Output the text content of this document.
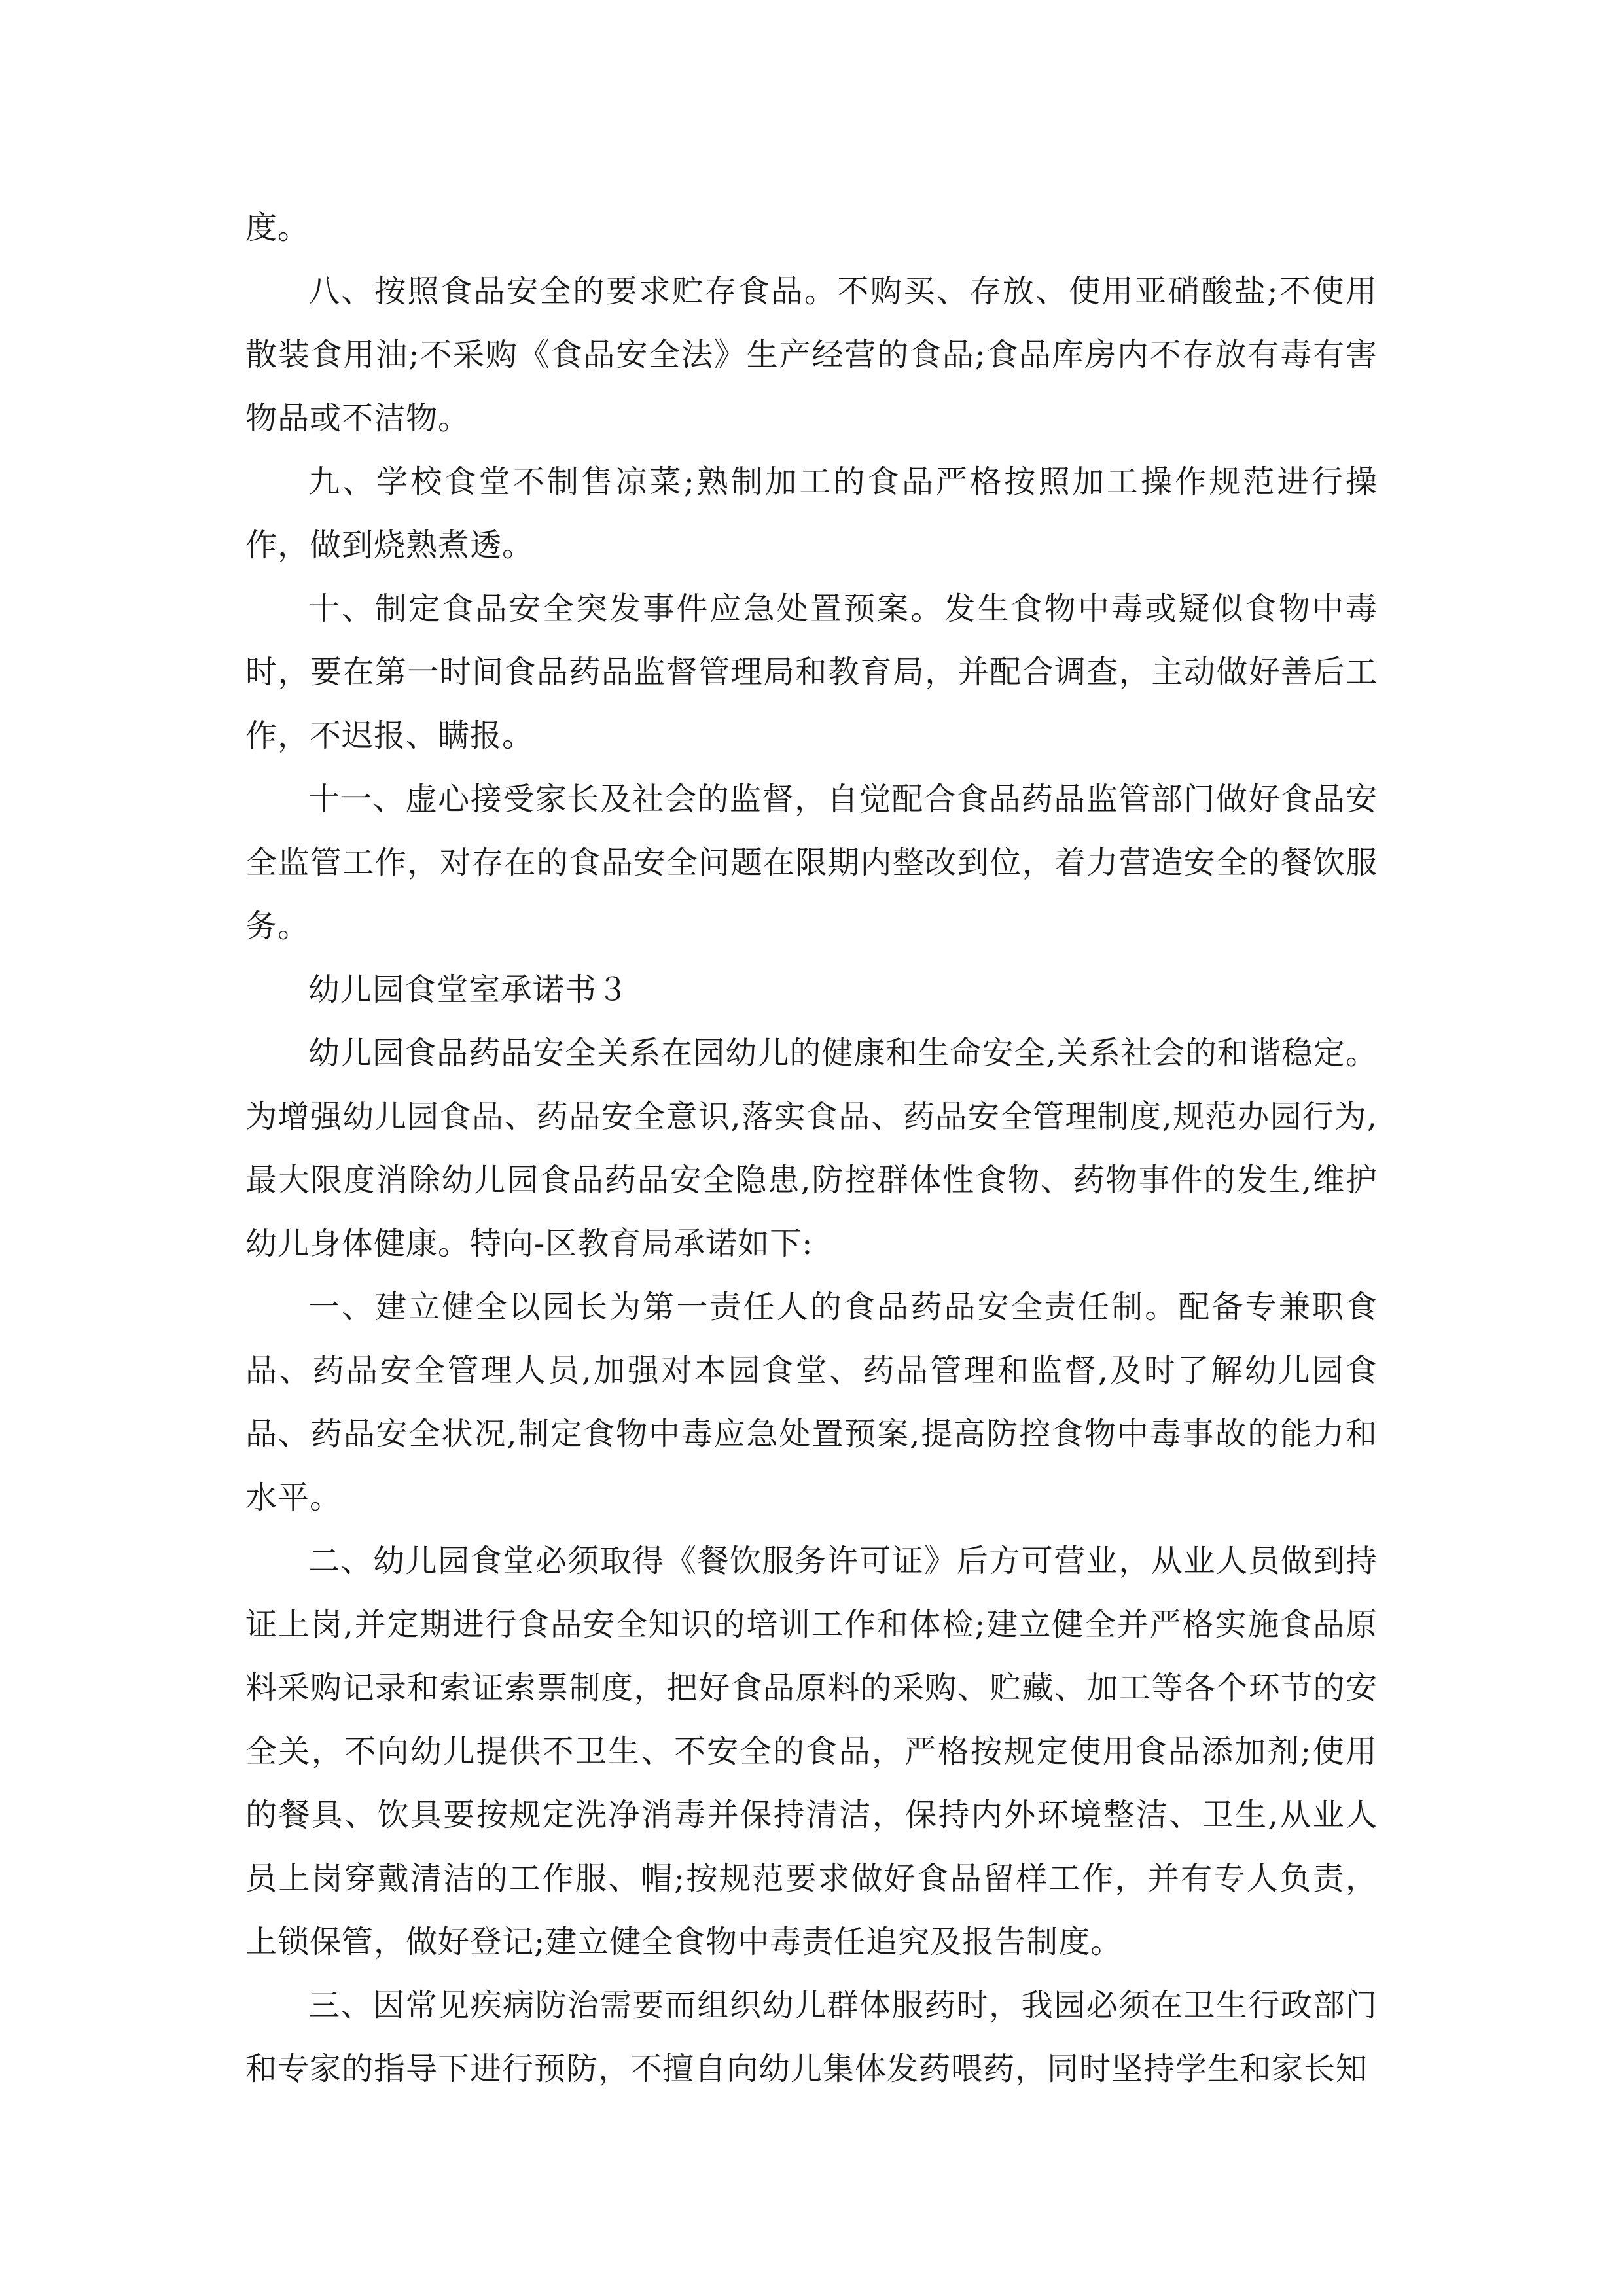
度。

八、按照食品安全的要求贮存食品。不购买、存放、使用亚硝酸盐;不使用散装食用油;不采购《食品安全法》生产经营的食品;食品库房内不存放有毒有害物品或不洁物。

九、学校食堂不制售凉菜;熟制加工的食品严格按照加工操作规范进行操作，做到烧熟煮透。

十、制定食品安全突发事件应急处置预案。发生食物中毒或疑似食物中毒时，要在第一时间食品药品监督管理局和教育局，并配合调查，主动做好善后工作，不迟报、瞒报。

十一、虚心接受家长及社会的监督，自觉配合食品药品监管部门做好食品安全监管工作，对存在的食品安全问题在限期内整改到位，着力营造安全的餐饮服务。

幼儿园食堂室承诺书３

幼儿园食品药品安全关系在园幼儿的健康和生命安全,关系社会的和谐稳定。为增强幼儿园食品、药品安全意识,落实食品、药品安全管理制度,规范办园行为,最大限度消除幼儿园食品药品安全隐患,防控群体性食物、药物事件的发生,维护幼儿身体健康。特向-区教育局承诺如下:

一、建立健全以园长为第一责任人的食品药品安全责任制。配备专兼职食品、药品安全管理人员,加强对本园食堂、药品管理和监督,及时了解幼儿园食品、药品安全状况,制定食物中毒应急处置预案,提高防控食物中毒事故的能力和水平。

二、幼儿园食堂必须取得《餐饮服务许可证》后方可营业，从业人员做到持证上岗,并定期进行食品安全知识的培训工作和体检;建立健全并严格实施食品原料采购记录和索证索票制度，把好食品原料的采购、贮藏、加工等各个环节的安全关，不向幼儿提供不卫生、不安全的食品，严格按规定使用食品添加剂;使用的餐具、饮具要按规定洗净消毒并保持清洁，保持内外环境整洁、卫生,从业人员上岗穿戴清洁的工作服、帽;按规范要求做好食品留样工作，并有专人负责，上锁保管，做好登记;建立健全食物中毒责任追究及报告制度。

三、因常见疾病防治需要而组织幼儿群体服药时，我园必须在卫生行政部门和专家的指导下进行预防，不擅自向幼儿集体发药喂药，同时坚持学生和家长知
